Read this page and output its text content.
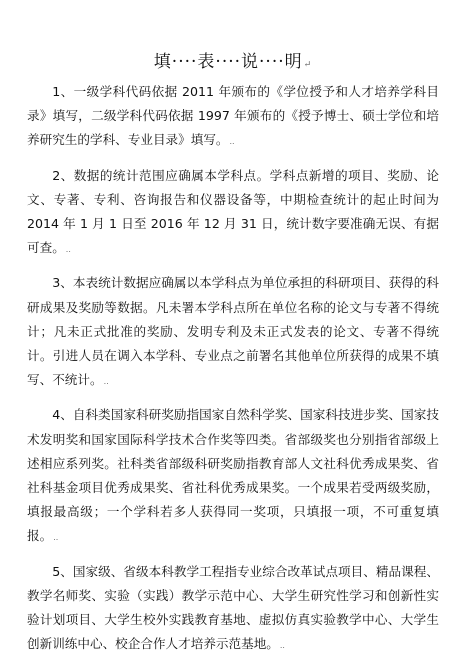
填····表····说····明↵

1、一级学科代码依据 2011 年颁布的《学位授予和人才培养学科目录》填写，二级学科代码依据 1997 年颁布的《授予博士、硕士学位和培养研究生的学科、专业目录》填写。..

2、数据的统计范围应确属本学科点。学科点新增的项目、奖励、论文、专著、专利、咨询报告和仪器设备等，中期检查统计的起止时间为 2014 年 1 月 1 日至 2016 年 12 月 31 日，统计数字要准确无误、有据可查。..

3、本表统计数据应确属以本学科点为单位承担的科研项目、获得的科研成果及奖励等数据。凡未署本学科点所在单位名称的论文与专著不得统计；凡未正式批准的奖励、发明专利及未正式发表的论文、专著不得统计。引进人员在调入本学科、专业点之前署名其他单位所获得的成果不填写、不统计。..

4、自科类国家科研奖励指国家自然科学奖、国家科技进步奖、国家技术发明奖和国家国际科学技术合作奖等四类。省部级奖也分别指省部级上述相应系列奖。社科类省部级科研奖励指教育部人文社科优秀成果奖、省社科基金项目优秀成果奖、省社科优秀成果奖。一个成果若受两级奖励，填报最高级；一个学科若多人获得同一奖项，只填报一项，不可重复填报。..

5、国家级、省级本科教学工程指专业综合改革试点项目、精品课程、教学名师奖、实验（实践）教学示范中心、大学生研究性学习和创新性实验计划项目、大学生校外实践教育基地、虚拟仿真实验教学中心、大学生创新训练中心、校企合作人才培养示范基地。..
